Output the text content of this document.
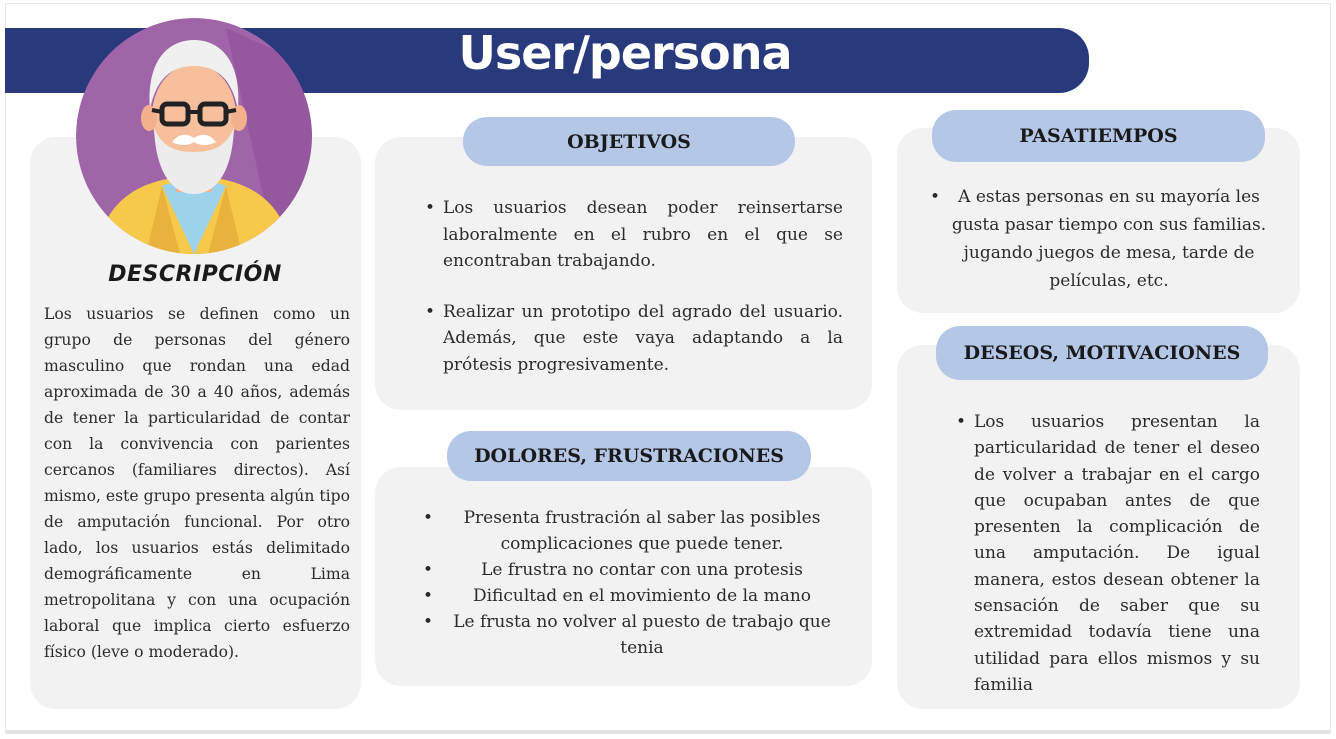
User/persona
DESCRIPCIÓN

Los usuarios se definen como un grupo de personas del género masculino que rondan una edad aproximada de 30 a 40 años, además de tener la particularidad de contar con la convivencia con parientes cercanos (familiares directos). Así mismo, este grupo presenta algún tipo de amputación funcional. Por otro lado, los usuarios estás delimitado demográficamente en Lima metropolitana y con una ocupación laboral que implica cierto esfuerzo físico (leve o moderado).

OBJETIVOS
• Los usuarios desean poder reinsertarse laboralmente en el rubro en el que se encontraban trabajando.
• Realizar un prototipo del agrado del usuario. Además, que este vaya adaptando a la prótesis progresivamente.
DOLORES, FRUSTRACIONES
• Presenta frustración al saber las posibles complicaciones que puede tener.
• Le frustra no contar con una protesis
• Dificultad en el movimiento de la mano
• Le frusta no volver al puesto de trabajo que tenia
PASATIEMPOS
• A estas personas en su mayoría les gusta pasar tiempo con sus familias. jugando juegos de mesa, tarde de películas, etc.
DESEOS, MOTIVACIONES
• Los usuarios presentan la particularidad de tener el deseo de volver a trabajar en el cargo que ocupaban antes de que presenten la complicación de una amputación. De igual manera, estos desean obtener la sensación de saber que su extremidad todavía tiene una utilidad para ellos mismos y su familia
